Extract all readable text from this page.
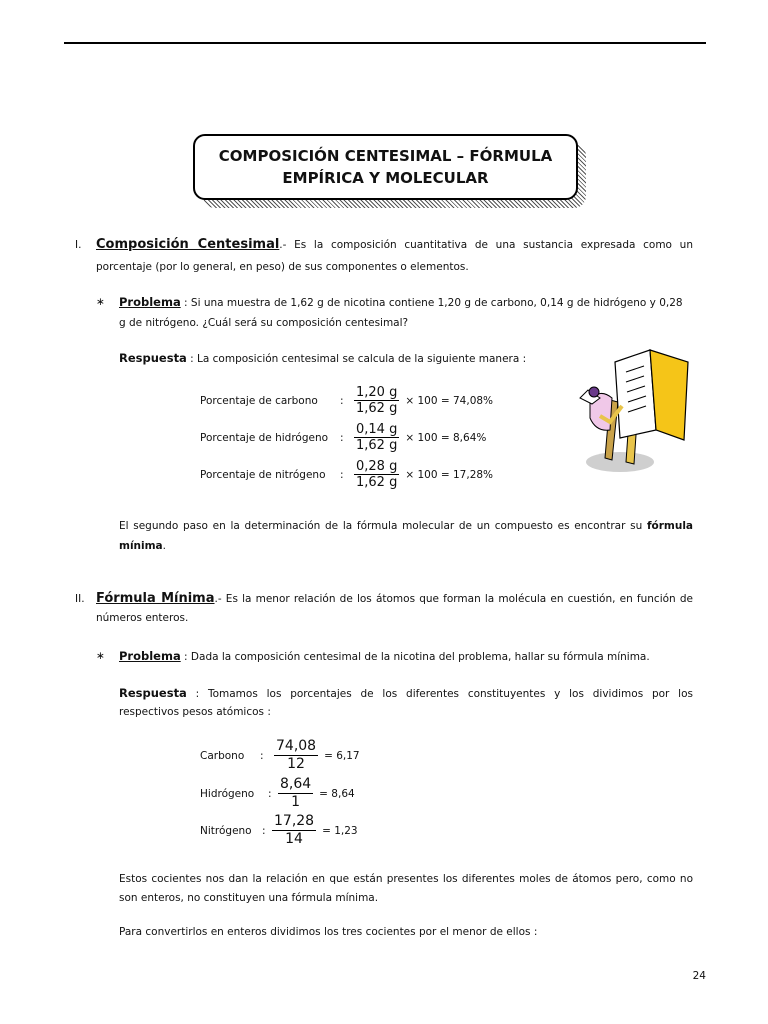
COMPOSICIÓN CENTESIMAL – FÓRMULA
EMPÍRICA Y MOLECULAR
I. Composición Centesimal.- Es la composición cuantitativa de una sustancia expresada como un
porcentaje (por lo general, en peso) de sus componentes o elementos.
∗ Problema : Si una muestra de 1,62 g de nicotina contiene 1,20 g de carbono, 0,14 g de hidrógeno y 0,28
g de nitrógeno. ¿Cuál será su composición centesimal?
Respuesta : La composición centesimal se calcula de la siguiente manera :
Porcentaje de carbono	: $\frac{1,20 g}{1,62 g} \times 100 = 74,08\%$
Porcentaje de hidrógeno	: $\frac{0,14 g}{1,62 g} \times 100 = 8,64\%$
Porcentaje de nitrógeno	: $\frac{0,28 g}{1,62 g} \times 100 = 17,28\%$
El segundo paso en la determinación de la fórmula molecular de un compuesto es encontrar su fórmula
mínima.
II. Fórmula Mínima.- Es la menor relación de los átomos que forman la molécula en cuestión, en función de
números enteros.
∗ Problema : Dada la composición centesimal de la nicotina del problema, hallar su fórmula mínima.
Respuesta : Tomamos los porcentajes de los diferentes constituyentes y los dividimos por los
respectivos pesos atómicos :
Carbono	: $\frac{74,08}{12} = 6,17$
Hidrógeno	: $\frac{8,64}{1} = 8,64$
Nitrógeno : $\frac{17,28}{14} = 1,23$
Estos cocientes nos dan la relación en que están presentes los diferentes moles de átomos pero, como no
son enteros, no constituyen una fórmula mínima.
Para convertirlos en enteros dividimos los tres cocientes por el menor de ellos :
24
